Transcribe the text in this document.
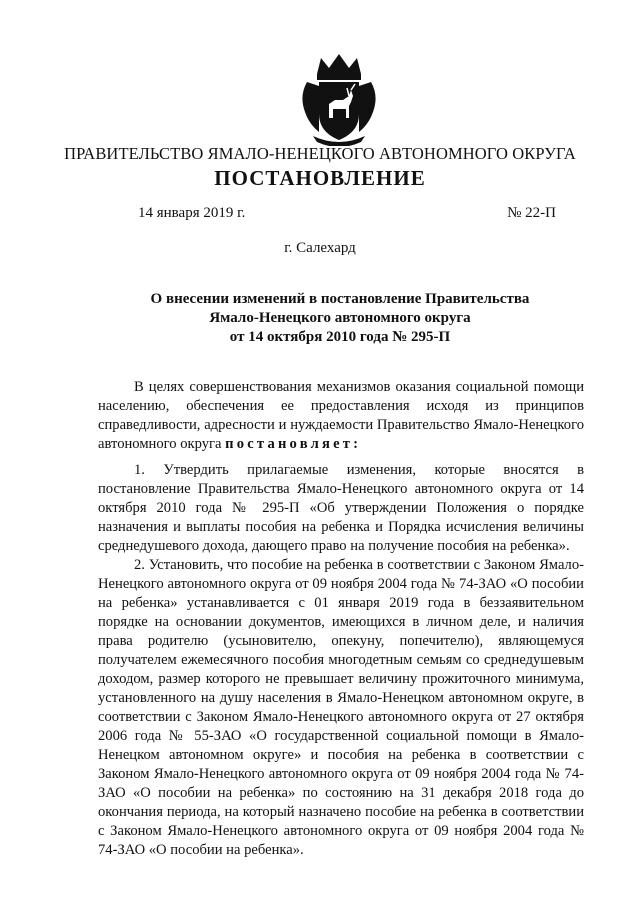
ПРАВИТЕЛЬСТВО ЯМАЛО-НЕНЕЦКОГО АВТОНОМНОГО ОКРУГА
ПОСТАНОВЛЕНИЕ
14 января 2019 г.	№ 22-П
г. Салехард
О внесении изменений в постановление Правительства
Ямало-Ненецкого автономного округа
от 14 октября 2010 года № 295-П

В целях совершенствования механизмов оказания социальной помощи населению, обеспечения ее предоставления исходя из принципов справедливости, адресности и нуждаемости Правительство Ямало-Ненецкого автономного округа постановляет:

1. Утвердить прилагаемые изменения, которые вносятся в постановление Правительства Ямало-Ненецкого автономного округа от 14 октября 2010 года № 295-П «Об утверждении Положения о порядке назначения и выплаты пособия на ребенка и Порядка исчисления величины среднедушевого дохода, дающего право на получение пособия на ребенка».

2. Установить, что пособие на ребенка в соответствии с Законом Ямало-Ненецкого автономного округа от 09 ноября 2004 года № 74-ЗАО «О пособии на ребенка» устанавливается с 01 января 2019 года в беззаявительном порядке на основании документов, имеющихся в личном деле, и наличия права родителю (усыновителю, опекуну, попечителю), являющемуся получателем ежемесячного пособия многодетным семьям со среднедушевым доходом, размер которого не превышает величину прожиточного минимума, установленного на душу населения в Ямало-Ненецком автономном округе, в соответствии с Законом Ямало-Ненецкого автономного округа от 27 октября 2006 года № 55-ЗАО «О государственной социальной помощи в Ямало-Ненецком автономном округе» и пособия на ребенка в соответствии с Законом Ямало-Ненецкого автономного округа от 09 ноября 2004 года № 74-ЗАО «О пособии на ребенка» по состоянию на 31 декабря 2018 года до окончания периода, на который назначено пособие на ребенка в соответствии с Законом Ямало-Ненецкого автономного округа от 09 ноября 2004 года № 74-ЗАО «О пособии на ребенка».
